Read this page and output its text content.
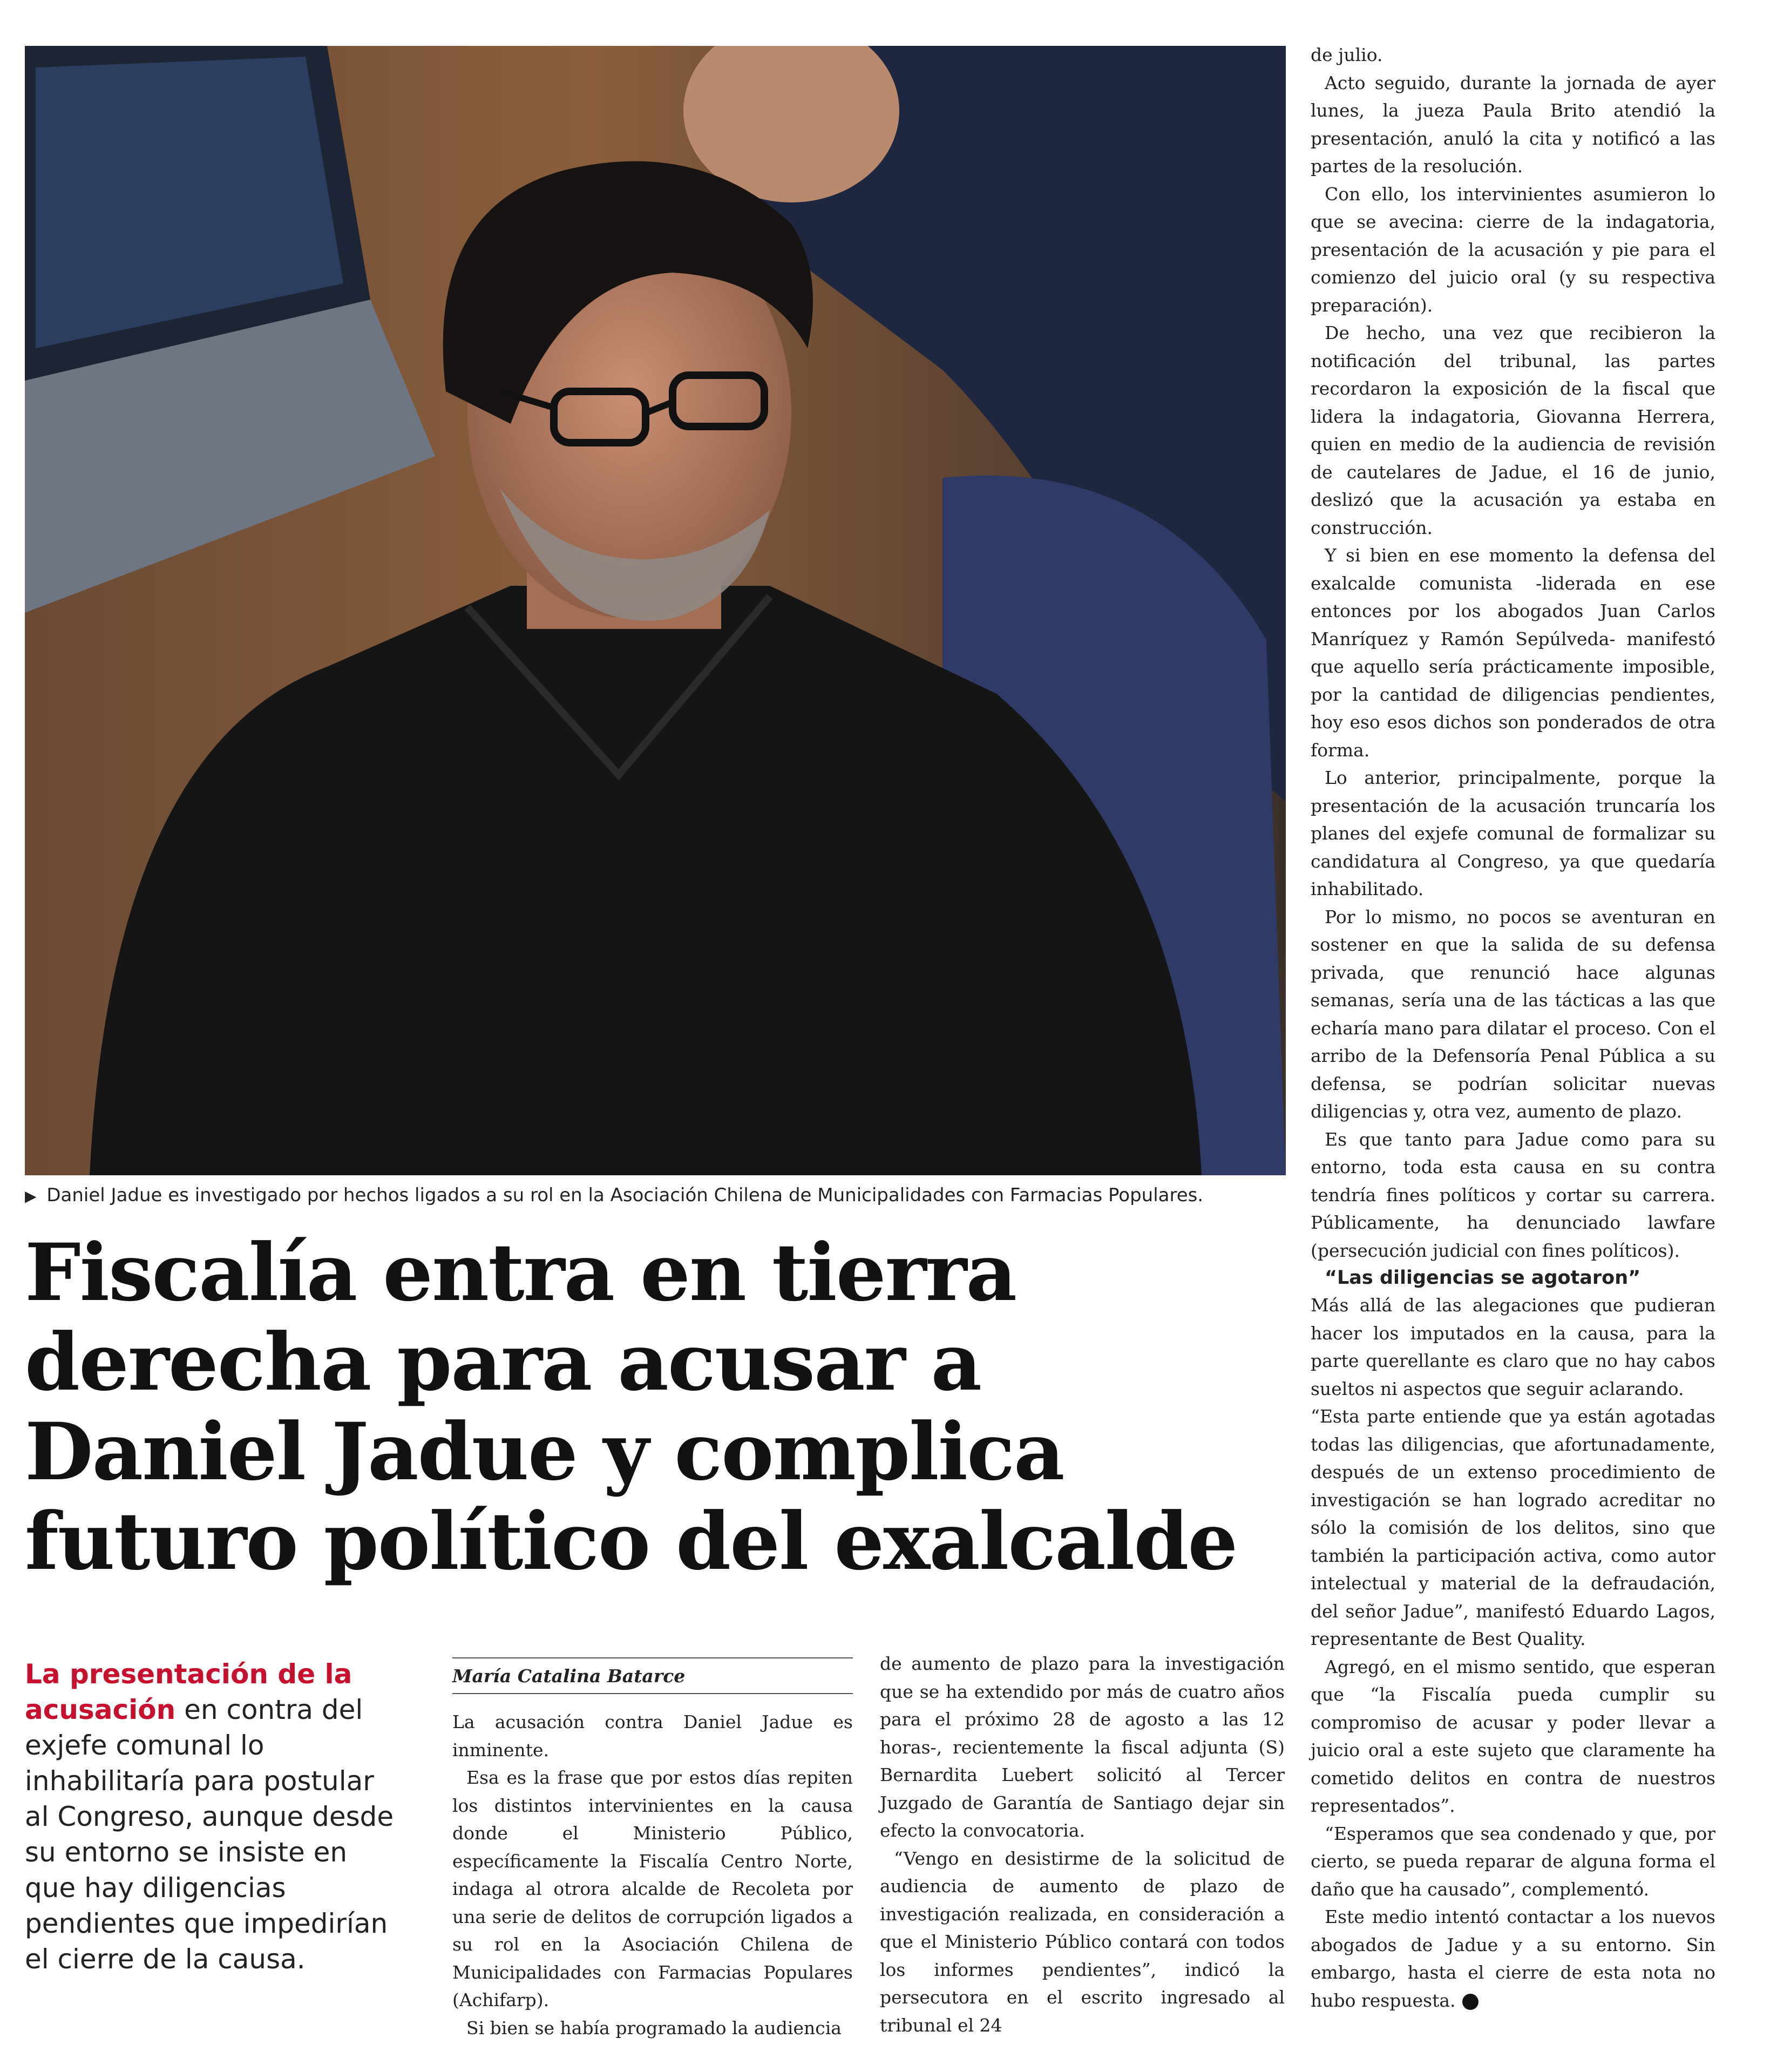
▶ Daniel Jadue es investigado por hechos ligados a su rol en la Asociación Chilena de Municipalidades con Farmacias Populares.
Fiscalía entra en tierra derecha para acusar a Daniel Jadue y complica futuro político del exalcalde

La presentación de la acusación en contra del exjefe comunal lo inhabilitaría para postular al Congreso, aunque desde su entorno se insiste en que hay diligencias pendientes que impedirían el cierre de la causa.

María Catalina Batarce

La acusación contra Daniel Jadue es inminente.

Esa es la frase que por estos días repiten los distintos intervinientes en la causa donde el Ministerio Público, específicamente la Fiscalía Centro Norte, indaga al otrora alcalde de Recoleta por una serie de delitos de corrupción ligados a su rol en la Asociación Chilena de Municipalidades con Farmacias Populares (Achifarp).

Si bien se había programado la audiencia

de aumento de plazo para la investigación que se ha extendido por más de cuatro años para el próximo 28 de agosto a las 12 horas-, recientemente la fiscal adjunta (S) Bernardita Luebert solicitó al Tercer Juzgado de Garantía de Santiago dejar sin efecto la convocatoria.

“Vengo en desistirme de la solicitud de audiencia de aumento de plazo de investigación realizada, en consideración a que el Ministerio Público contará con todos los informes pendientes”, indicó la persecutora en el escrito ingresado al tribunal el 24

de julio.

Acto seguido, durante la jornada de ayer lunes, la jueza Paula Brito atendió la presentación, anuló la cita y notificó a las partes de la resolución.

Con ello, los intervinientes asumieron lo que se avecina: cierre de la indagatoria, presentación de la acusación y pie para el comienzo del juicio oral (y su respectiva preparación).

De hecho, una vez que recibieron la notificación del tribunal, las partes recordaron la exposición de la fiscal que lidera la indagatoria, Giovanna Herrera, quien en medio de la audiencia de revisión de cautelares de Jadue, el 16 de junio, deslizó que la acusación ya estaba en construcción.

Y si bien en ese momento la defensa del exalcalde comunista -liderada en ese entonces por los abogados Juan Carlos Manríquez y Ramón Sepúlveda- manifestó que aquello sería prácticamente imposible, por la cantidad de diligencias pendientes, hoy eso esos dichos son ponderados de otra forma.

Lo anterior, principalmente, porque la presentación de la acusación truncaría los planes del exjefe comunal de formalizar su candidatura al Congreso, ya que quedaría inhabilitado.

Por lo mismo, no pocos se aventuran en sostener en que la salida de su defensa privada, que renunció hace algunas semanas, sería una de las tácticas a las que echaría mano para dilatar el proceso. Con el arribo de la Defensoría Penal Pública a su defensa, se podrían solicitar nuevas diligencias y, otra vez, aumento de plazo.

Es que tanto para Jadue como para su entorno, toda esta causa en su contra tendría fines políticos y cortar su carrera. Públicamente, ha denunciado lawfare (persecución judicial con fines políticos).

“Las diligencias se agotaron”

Más allá de las alegaciones que pudieran hacer los imputados en la causa, para la parte querellante es claro que no hay cabos sueltos ni aspectos que seguir aclarando.

“Esta parte entiende que ya están agotadas todas las diligencias, que afortunadamente, después de un extenso procedimiento de investigación se han logrado acreditar no sólo la comisión de los delitos, sino que también la participación activa, como autor intelectual y material de la defraudación, del señor Jadue”, manifestó Eduardo Lagos, representante de Best Quality.

Agregó, en el mismo sentido, que esperan que “la Fiscalía pueda cumplir su compromiso de acusar y poder llevar a juicio oral a este sujeto que claramente ha cometido delitos en contra de nuestros representados”.

“Esperamos que sea condenado y que, por cierto, se pueda reparar de alguna forma el daño que ha causado”, complementó.

Este medio intentó contactar a los nuevos abogados de Jadue y a su entorno. Sin embargo, hasta el cierre de esta nota no hubo respuesta.
